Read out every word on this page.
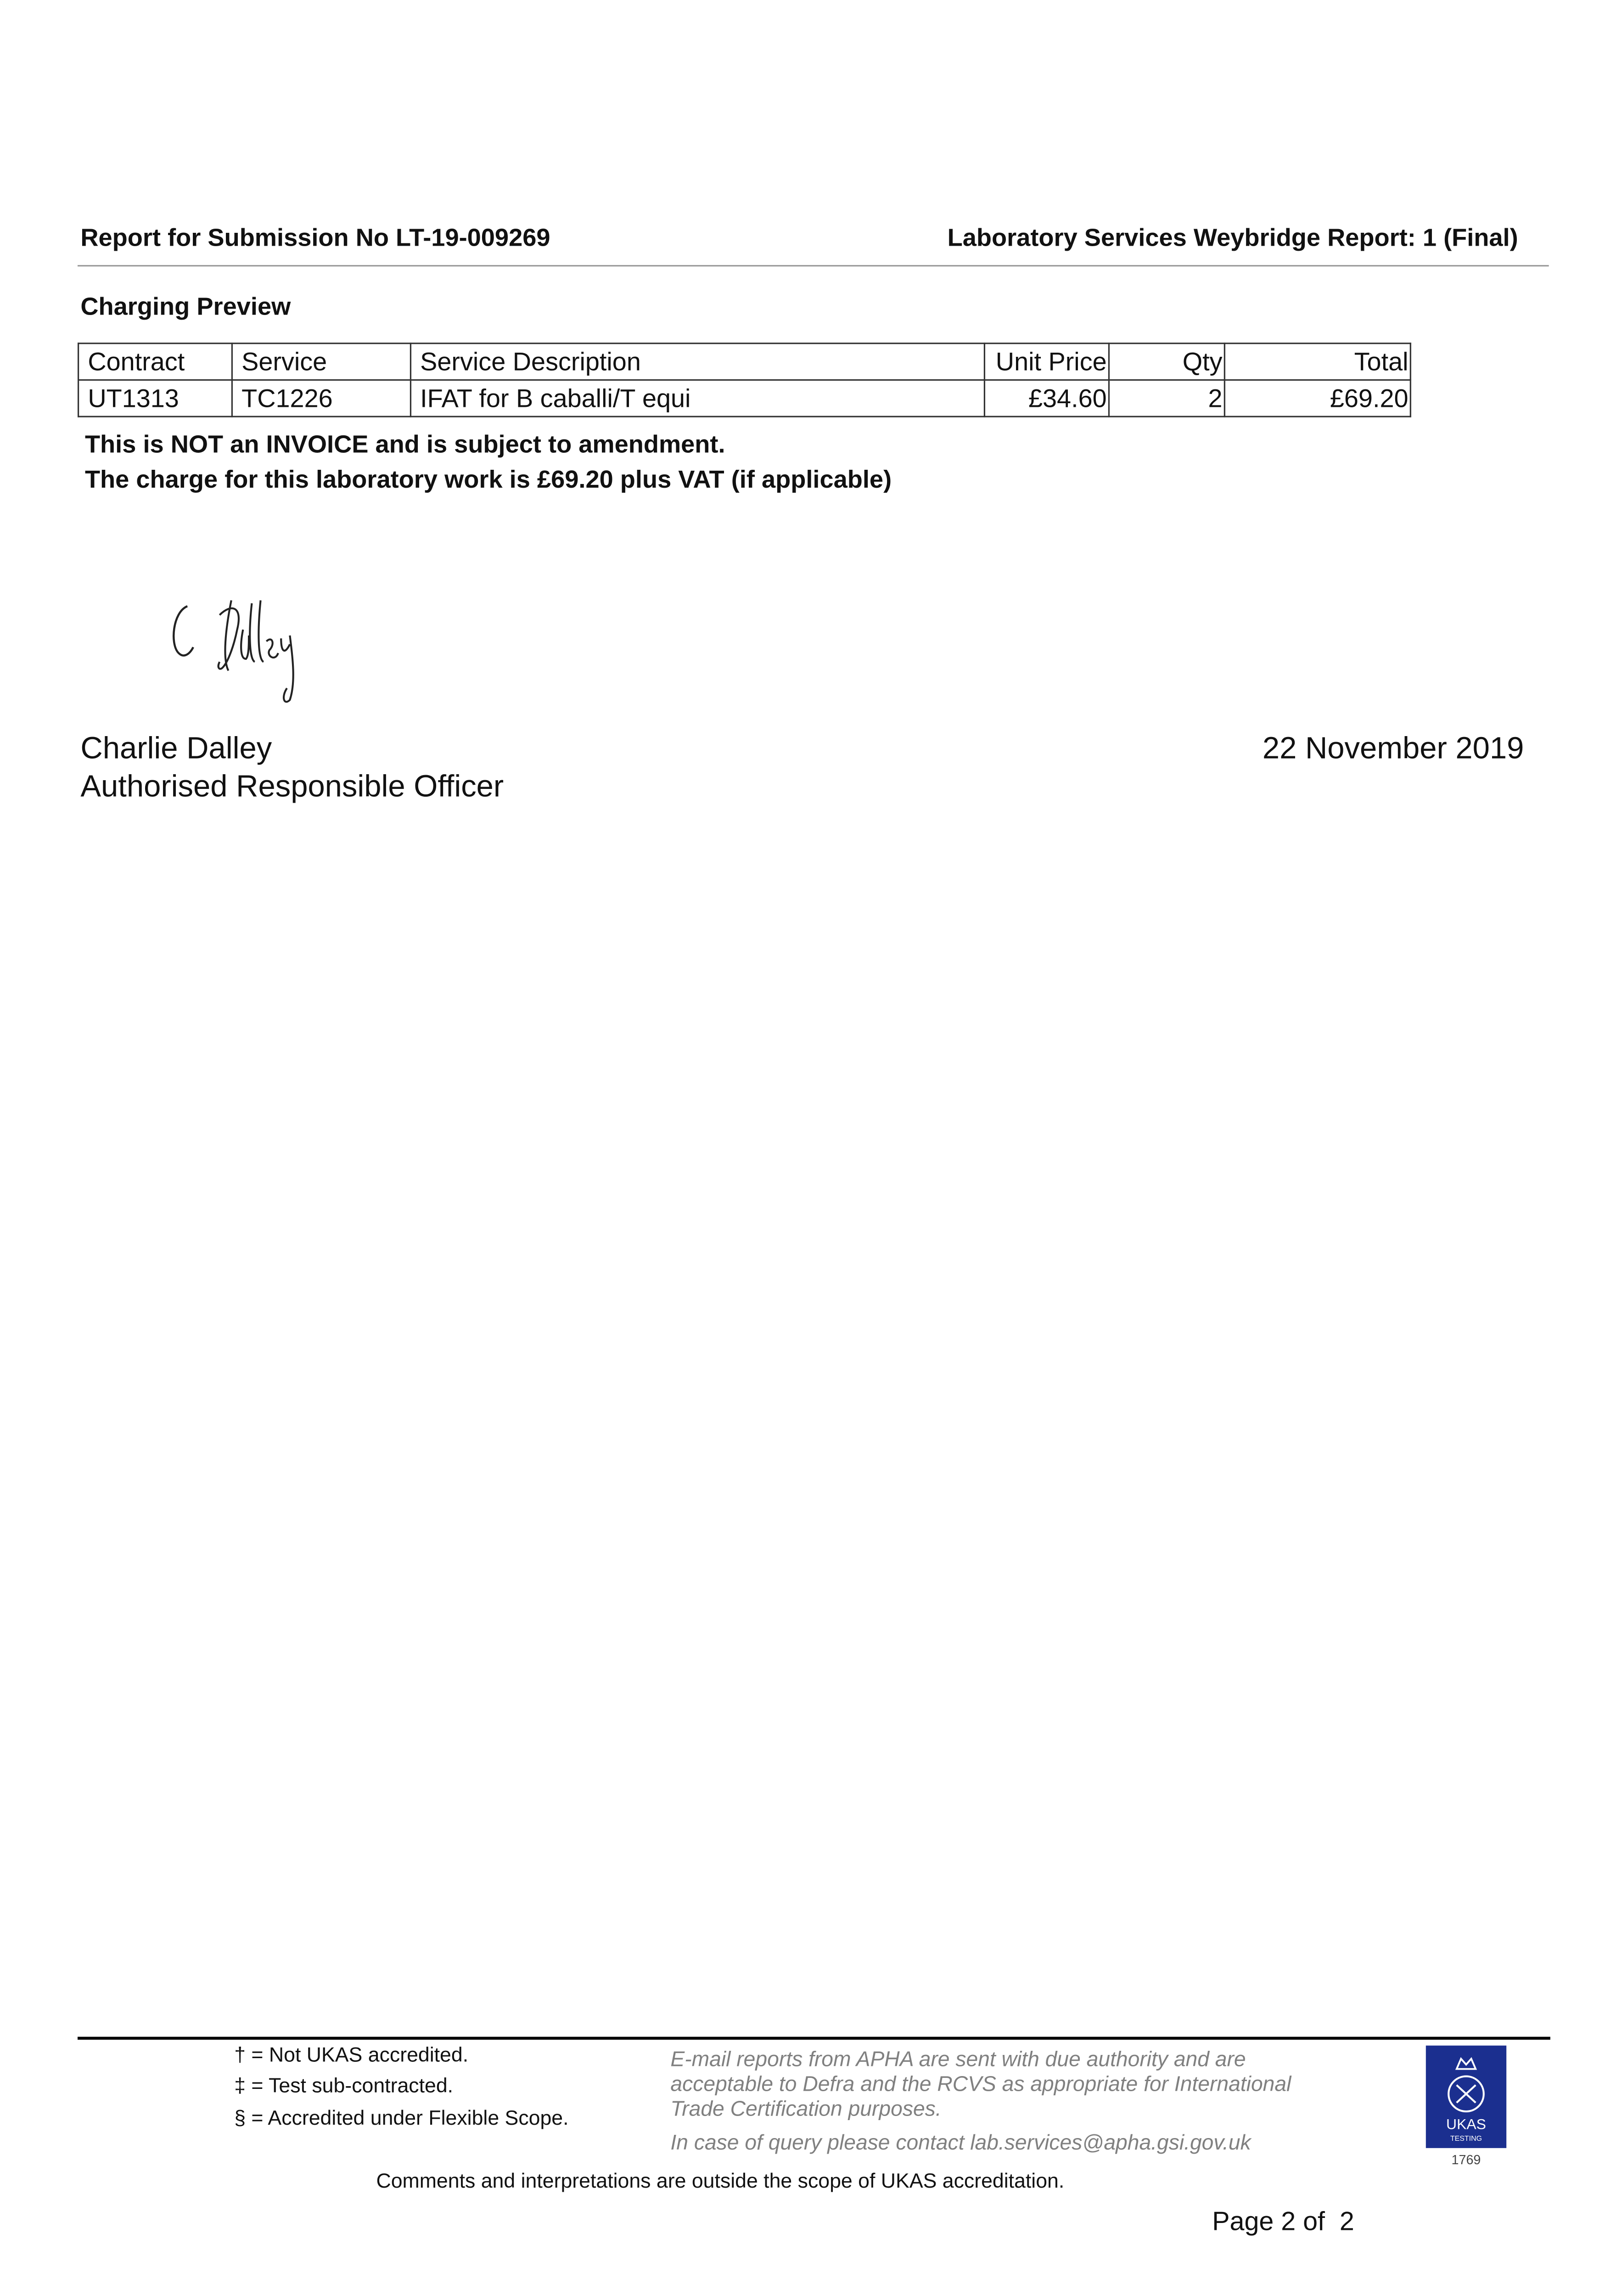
Report for Submission No LT-19-009269	Laboratory Services Weybridge Report: 1 (Final)
Charging Preview
Contract	Service	Service Description	Unit Price	Qty	Total
UT1313	TC1226	IFAT for B caballi/T equi	£34.60	2	£69.20
This is NOT an INVOICE and is subject to amendment.
The charge for this laboratory work is £69.20 plus VAT (if applicable)
Charlie Dalley
Authorised Responsible Officer
22 November 2019
† = Not UKAS accredited.
‡ = Test sub-contracted.
§ = Accredited under Flexible Scope.
E-mail reports from APHA are sent with due authority and are
acceptable to Defra and the RCVS as appropriate for International
Trade Certification purposes.
In case of query please contact lab.services@apha.gsi.gov.uk
UKAS
TESTING
1769
Comments and interpretations are outside the scope of UKAS accreditation.
Page 2 of  2
